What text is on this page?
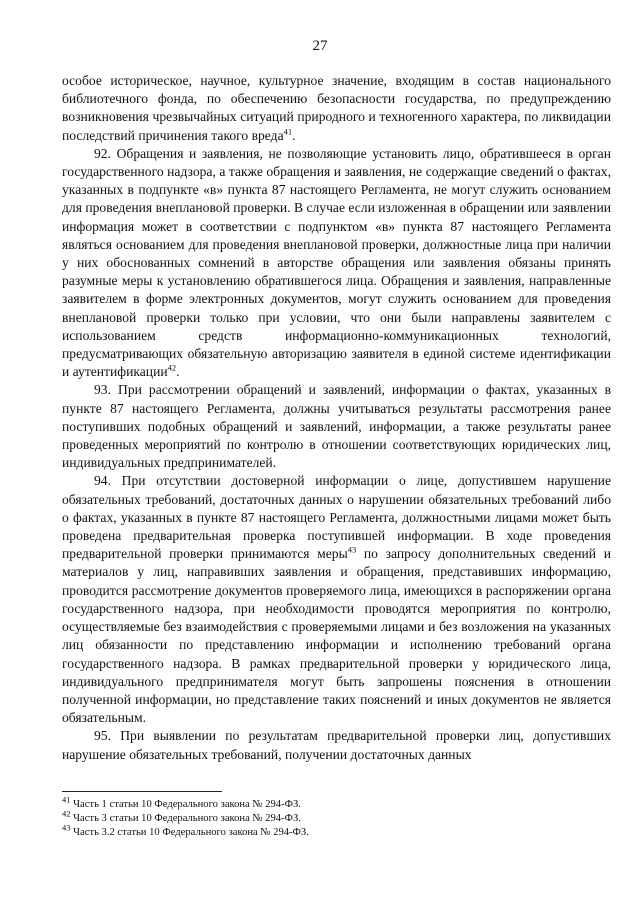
27

особое историческое, научное, культурное значение, входящим в состав национального библиотечного фонда, по обеспечению безопасности государства, по предупреждению возникновения чрезвычайных ситуаций природного и техногенного характера, по ликвидации последствий причинения такого вреда$^{41}$.

92. Обращения и заявления, не позволяющие установить лицо, обратившееся в орган государственного надзора, а также обращения и заявления, не содержащие сведений о фактах, указанных в подпункте «в» пункта 87 настоящего Регламента, не могут служить основанием для проведения внеплановой проверки. В случае если изложенная в обращении или заявлении информация может в соответствии с подпунктом «в» пункта 87 настоящего Регламента являться основанием для проведения внеплановой проверки, должностные лица при наличии у них обоснованных сомнений в авторстве обращения или заявления обязаны принять разумные меры к установлению обратившегося лица. Обращения и заявления, направленные заявителем в форме электронных документов, могут служить основанием для проведения внеплановой проверки только при условии, что они были направлены заявителем с использованием средств информационно-коммуникационных технологий, предусматривающих обязательную авторизацию заявителя в единой системе идентификации и аутентификации$^{42}$.

93. При рассмотрении обращений и заявлений, информации о фактах, указанных в пункте 87 настоящего Регламента, должны учитываться результаты рассмотрения ранее поступивших подобных обращений и заявлений, информации, а также результаты ранее проведенных мероприятий по контролю в отношении соответствующих юридических лиц, индивидуальных предпринимателей.

94. При отсутствии достоверной информации о лице, допустившем нарушение обязательных требований, достаточных данных о нарушении обязательных требований либо о фактах, указанных в пункте 87 настоящего Регламента, должностными лицами может быть проведена предварительная проверка поступившей информации. В ходе проведения предварительной проверки принимаются меры$^{43}$ по запросу дополнительных сведений и материалов у лиц, направивших заявления и обращения, представивших информацию, проводится рассмотрение документов проверяемого лица, имеющихся в распоряжении органа государственного надзора, при необходимости проводятся мероприятия по контролю, осуществляемые без взаимодействия с проверяемыми лицами и без возложения на указанных лиц обязанности по представлению информации и исполнению требований органа государственного надзора. В рамках предварительной проверки у юридического лица, индивидуального предпринимателя могут быть запрошены пояснения в отношении полученной информации, но представление таких пояснений и иных документов не является обязательным.

95. При выявлении по результатам предварительной проверки лиц, допустивших нарушение обязательных требований, получении достаточных данных

$^{41}$ Часть 1 статьи 10 Федерального закона № 294-ФЗ.
$^{42}$ Часть 3 статьи 10 Федерального закона № 294-ФЗ.
$^{43}$ Часть 3.2 статьи 10 Федерального закона № 294-ФЗ.
